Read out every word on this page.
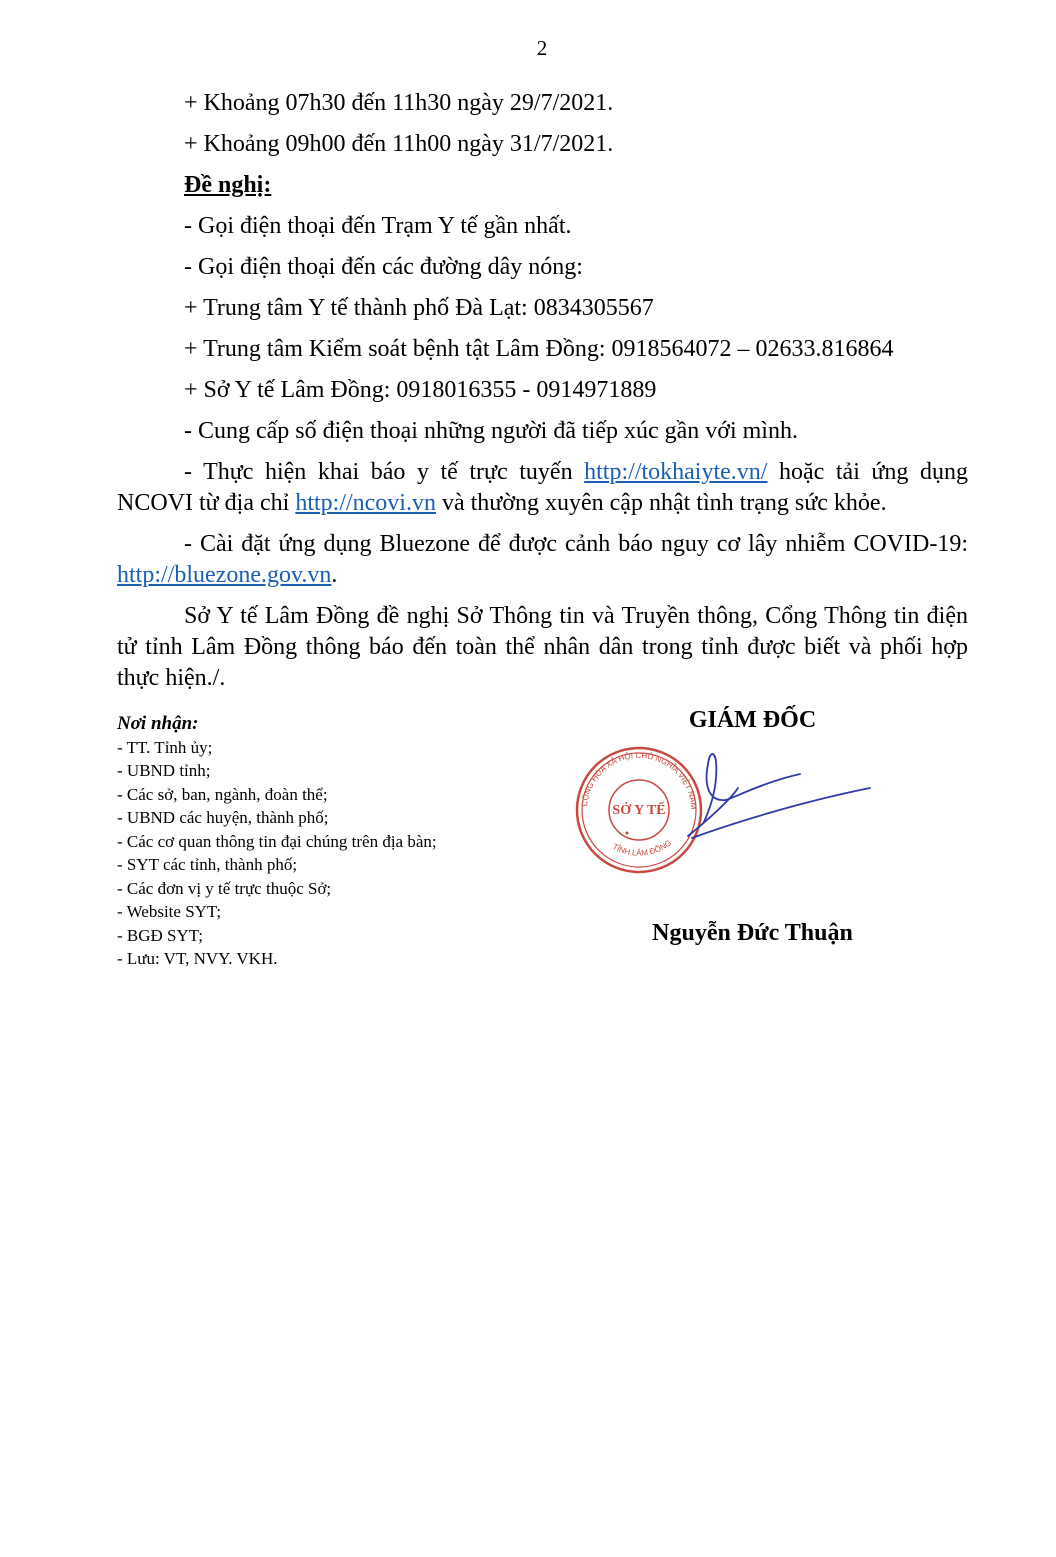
2
+ Khoảng 07h30 đến 11h30 ngày 29/7/2021.
+ Khoảng 09h00 đến 11h00 ngày 31/7/2021.
Đề nghị:
- Gọi điện thoại đến Trạm Y tế gần nhất.
- Gọi điện thoại đến các đường dây nóng:
+ Trung tâm Y tế thành phố Đà Lạt: 0834305567
+ Trung tâm Kiểm soát bệnh tật Lâm Đồng: 0918564072 – 02633.816864
+ Sở Y tế Lâm Đồng: 0918016355 - 0914971889
- Cung cấp số điện thoại những người đã tiếp xúc gần với mình.
- Thực hiện khai báo y tế trực tuyến http://tokhaiyte.vn/ hoặc tải ứng dụng NCOVI từ địa chỉ http://ncovi.vn và thường xuyên cập nhật tình trạng sức khỏe.
- Cài đặt ứng dụng Bluezone để được cảnh báo nguy cơ lây nhiễm COVID-19: http://bluezone.gov.vn.
Sở Y tế Lâm Đồng đề nghị Sở Thông tin và Truyền thông, Cổng Thông tin điện tử tỉnh Lâm Đồng thông báo đến toàn thể nhân dân trong tỉnh được biết và phối hợp thực hiện./.
Nơi nhận:
- TT. Tỉnh ủy;
- UBND tỉnh;
- Các sở, ban, ngành, đoàn thể;
- UBND các huyện, thành phố;
- Các cơ quan thông tin đại chúng trên địa bàn;
- SYT các tỉnh, thành phố;
- Các đơn vị y tế trực thuộc Sở;
- Website SYT;
- BGĐ SYT;
- Lưu: VT, NVY. VKH.
GIÁM ĐỐC
CỘNG HÒA XÃ HỘI CHỦ NGHĨA VIỆT NAM
TỈNH LÂM ĐỒNG
SỞ Y TẾ
Nguyễn Đức Thuận
